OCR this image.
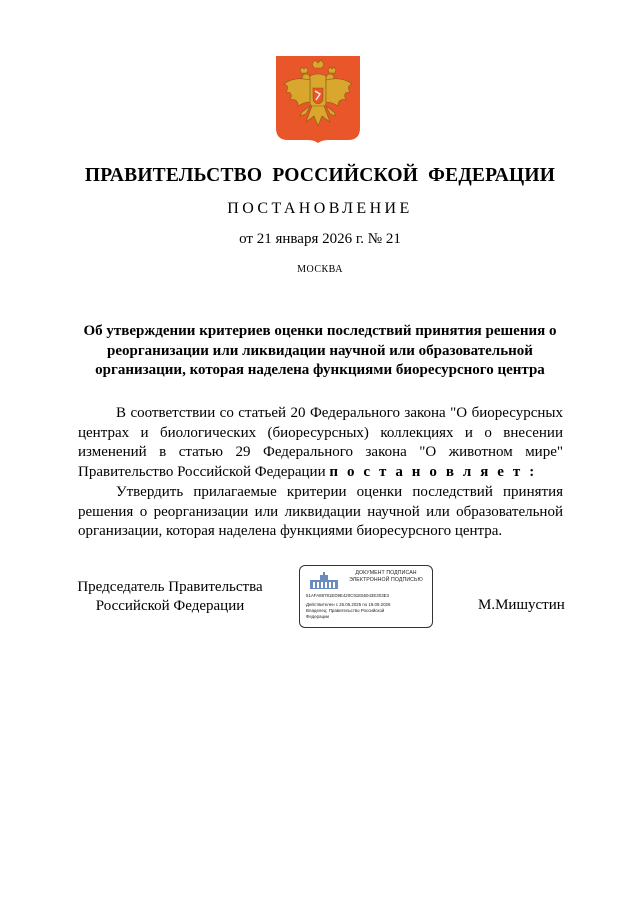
ПРАВИТЕЛЬСТВО РОССИЙСКОЙ ФЕДЕРАЦИИ
ПОСТАНОВЛЕНИЕ
от 21 января 2026 г. № 21
МОСКВА
Об утверждении критериев оценки последствий принятия решения о реорганизации или ликвидации научной или образовательной организации, которая наделена функциями биоресурсного центра

В соответствии со статьей 20 Федерального закона "О биоресурсных центрах и биологических (биоресурсных) коллекциях и о внесении изменений в статью 29 Федерального закона "О животном мире" Правительство Российской Федерации п о с т а н о в л я е т :

Утвердить прилагаемые критерии оценки последствий принятия решения о реорганизации или ликвидации научной или образовательной организации, которая наделена функциями биоресурсного центра.

Председатель Правительства
Российской Федерации
ДОКУМЕНТ ПОДПИСАН
ЭЛЕКТРОННОЙ ПОДПИСЬЮ
51AFA88781ED9E420C91E55043E303E3
Действителен с 26.06.2025 по 19.09.2026
Владелец: Правительство Российской
Федерации
М.Мишустин
